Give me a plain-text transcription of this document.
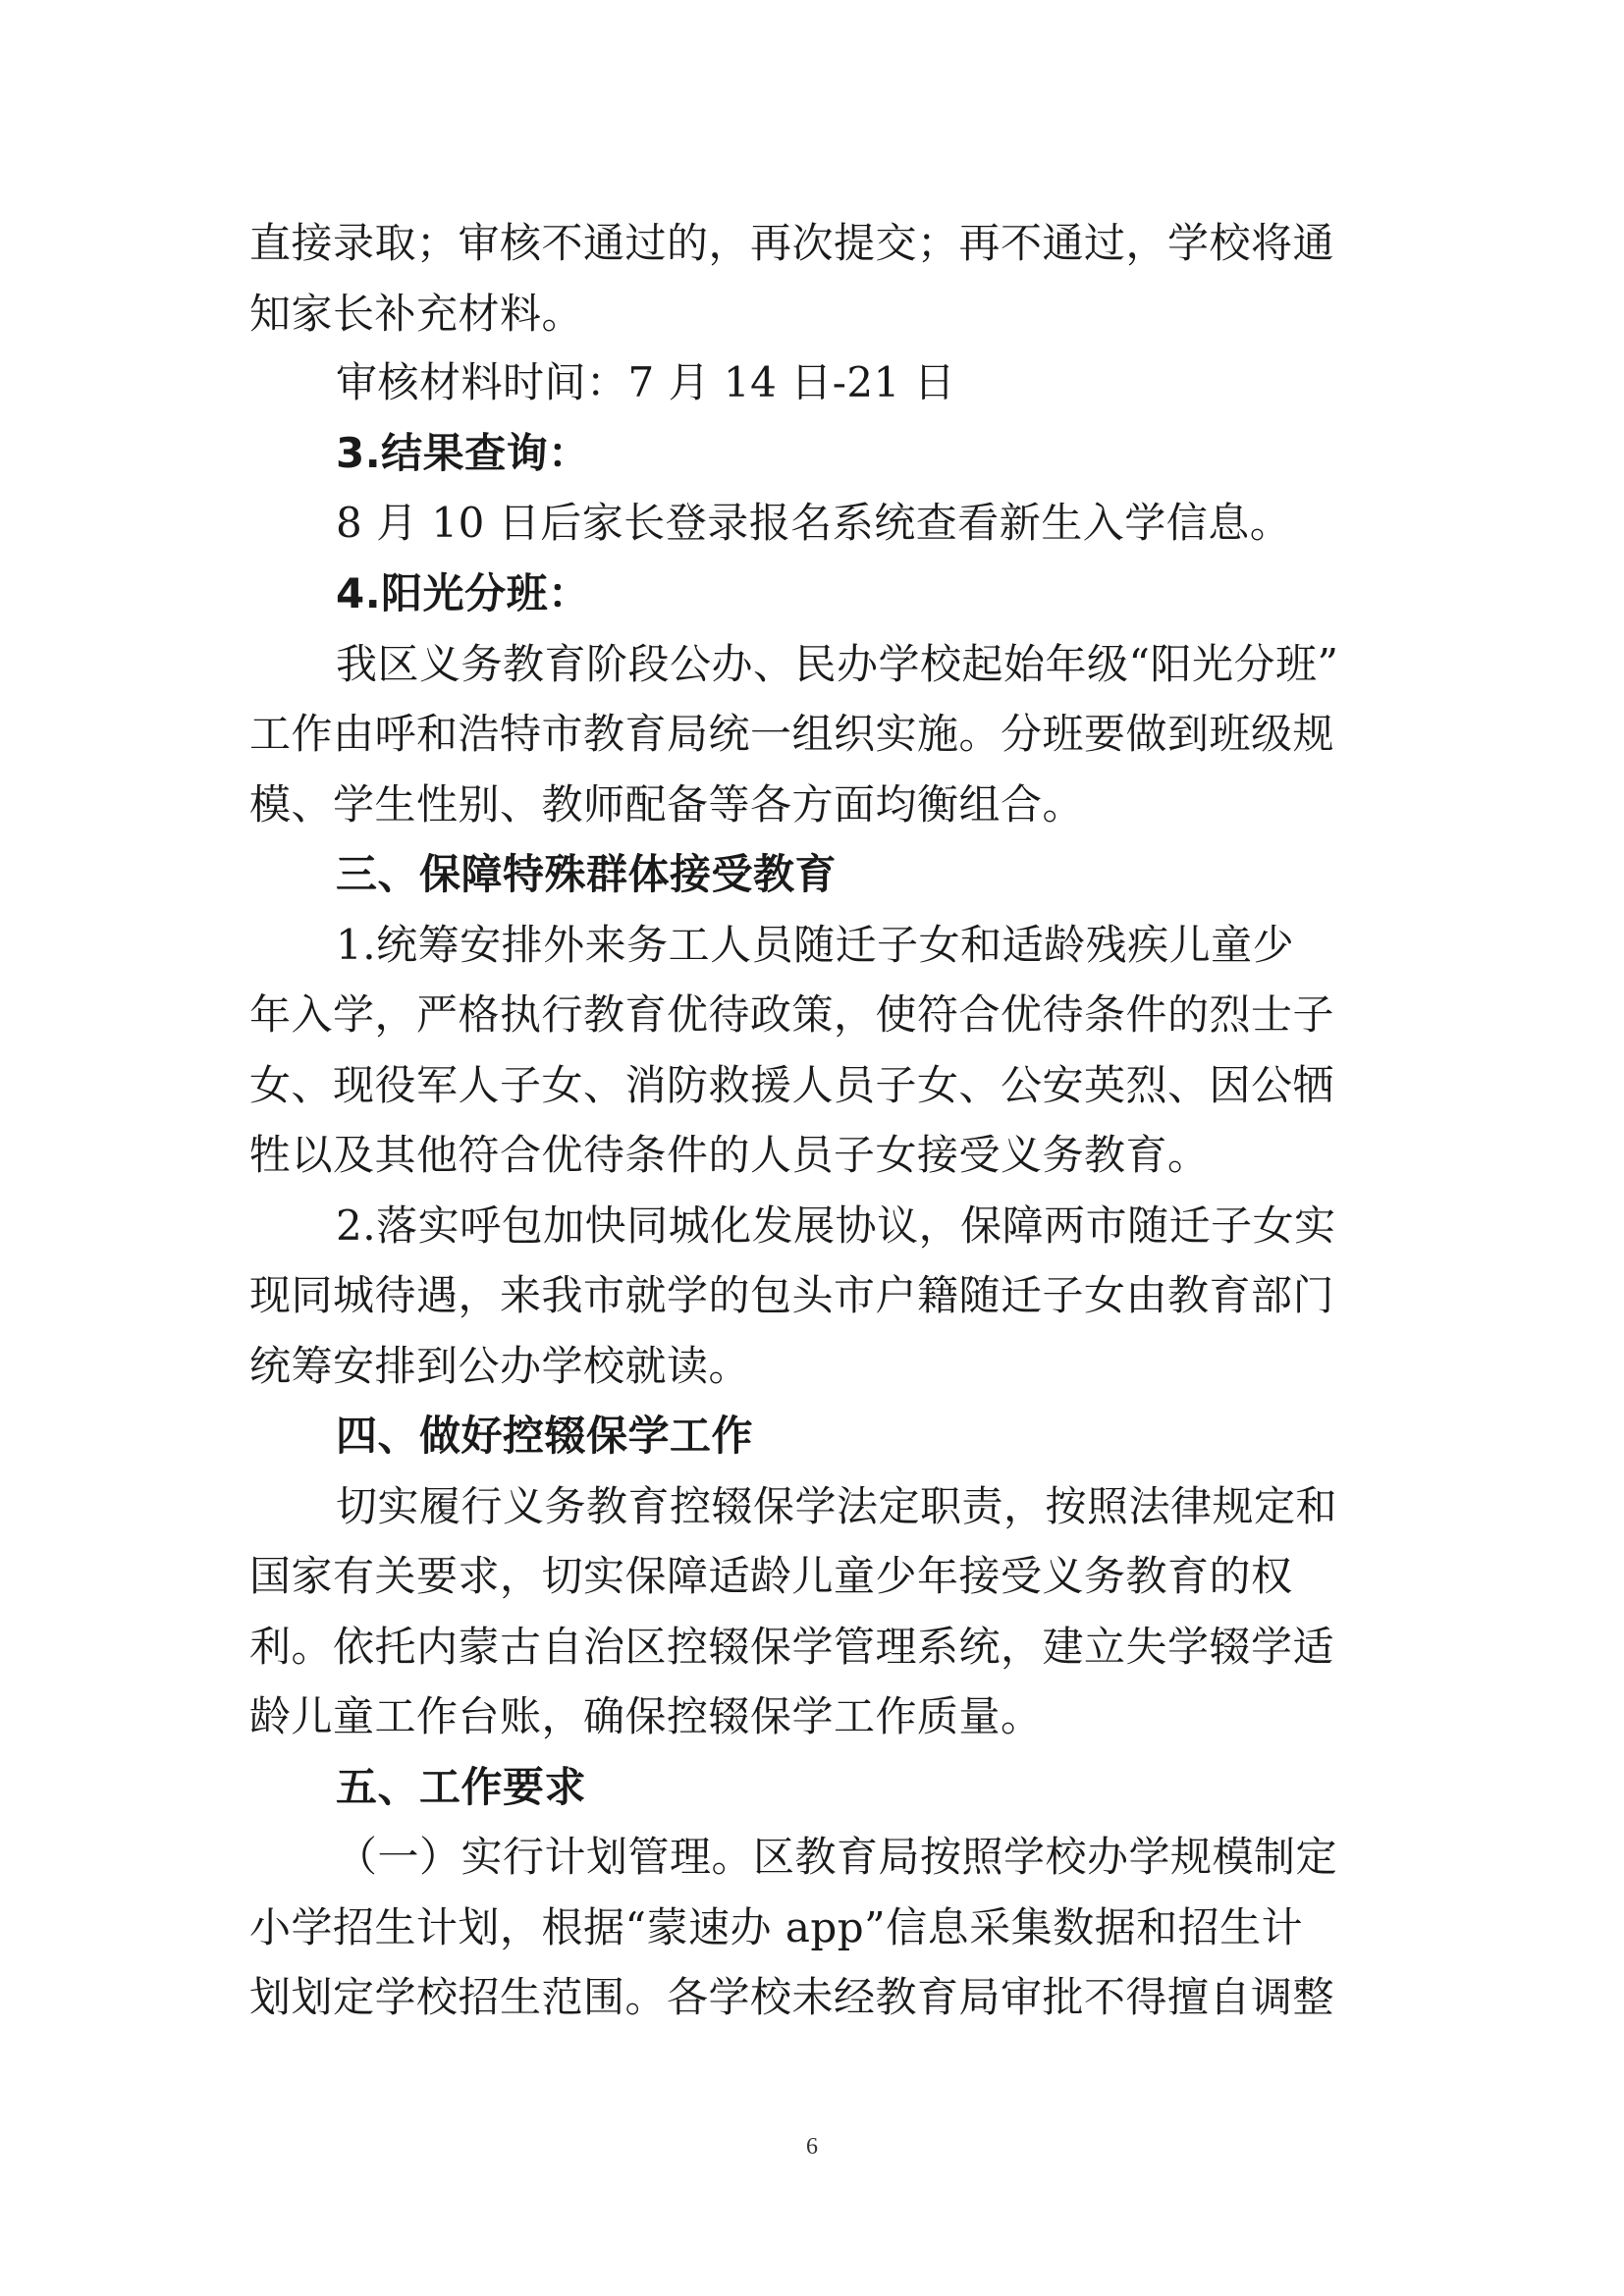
直接录取；审核不通过的，再次提交；再不通过，学校将通
知家长补充材料。
审核材料时间：7 月 14 日-21 日
3.结果查询：
8 月 10 日后家长登录报名系统查看新生入学信息。
4.阳光分班：
我区义务教育阶段公办、民办学校起始年级“阳光分班”
工作由呼和浩特市教育局统一组织实施。分班要做到班级规
模、学生性别、教师配备等各方面均衡组合。
三、保障特殊群体接受教育
1.统筹安排外来务工人员随迁子女和适龄残疾儿童少
年入学，严格执行教育优待政策，使符合优待条件的烈士子
女、现役军人子女、消防救援人员子女、公安英烈、因公牺
牲以及其他符合优待条件的人员子女接受义务教育。
2.落实呼包加快同城化发展协议，保障两市随迁子女实
现同城待遇，来我市就学的包头市户籍随迁子女由教育部门
统筹安排到公办学校就读。
四、做好控辍保学工作
切实履行义务教育控辍保学法定职责，按照法律规定和
国家有关要求，切实保障适龄儿童少年接受义务教育的权
利。依托内蒙古自治区控辍保学管理系统，建立失学辍学适
龄儿童工作台账，确保控辍保学工作质量。
五、工作要求
（一）实行计划管理。区教育局按照学校办学规模制定
小学招生计划，根据“蒙速办 app”信息采集数据和招生计
划划定学校招生范围。各学校未经教育局审批不得擅自调整
6
